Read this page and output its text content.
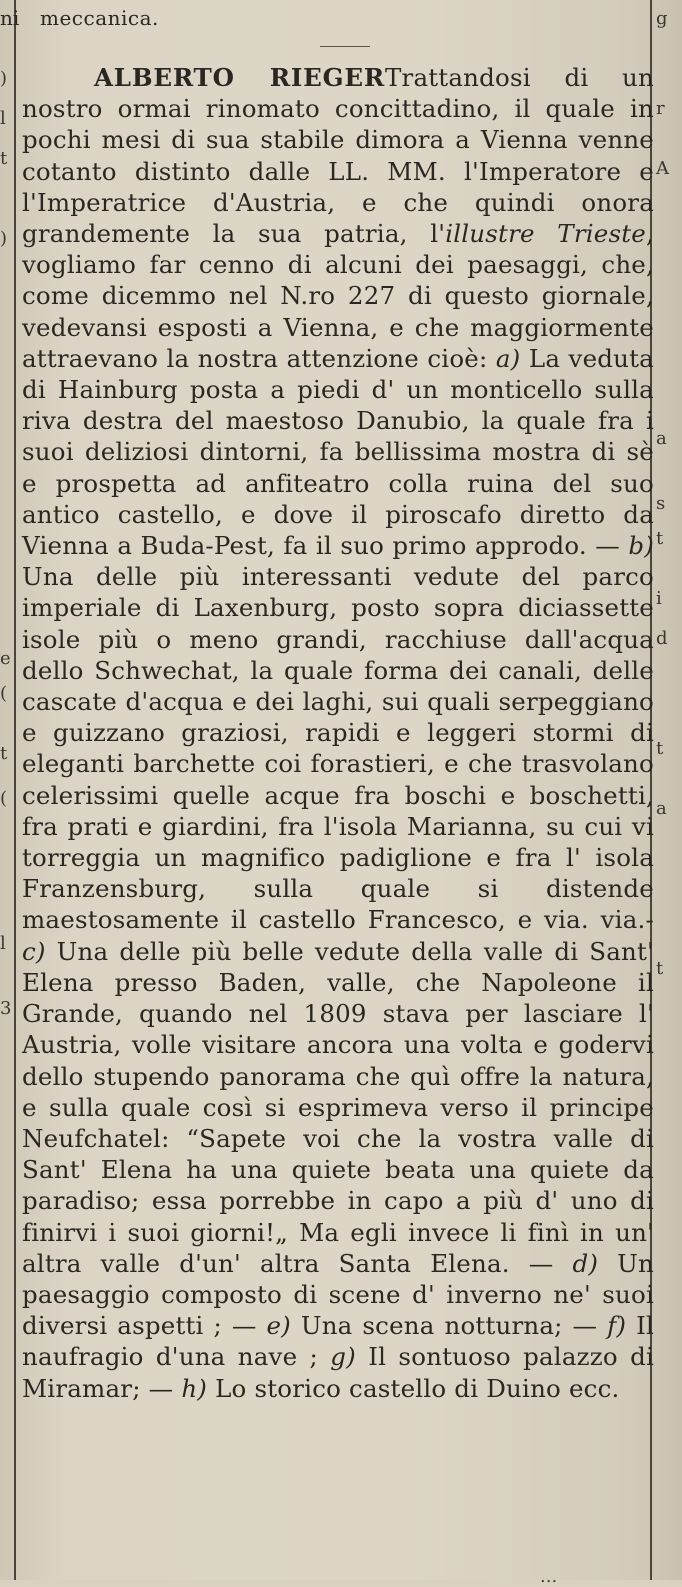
)
l
t
)
e
(
t
(
l
3
g
r
A
a
s
t
i
d
t
a
t
ni meccanica.

ALBERTO RIEGERTrattandosi di un nostro ormai rinomato concittadino, il quale in pochi mesi di sua stabile dimora a Vienna venne cotanto distinto dalle LL. MM. l'Imperatore e l'Imperatrice d'Austria, e che quindi onora grandemente la sua patria, l'illustre Trieste, vogliamo far cenno di alcuni dei paesaggi, che, come dicemmo nel N.ro 227 di questo giornale, vedevansi esposti a Vienna, e che maggiormente attraevano la nostra attenzione cioè: a) La veduta di Hainburg posta a piedi d' un monticello sulla riva destra del maestoso Danubio, la quale fra i suoi deliziosi dintorni, fa bellissima mostra di sè e prospetta ad anfiteatro colla ruina del suo antico castello, e dove il piroscafo diretto da Vienna a Buda-Pest, fa il suo primo approdo. — b) Una delle più interessanti vedute del parco imperiale di Laxenburg, posto sopra diciassette isole più o meno grandi, racchiuse dall'acqua dello Schwechat, la quale forma dei canali, delle cascate d'acqua e dei laghi, sui quali serpeggiano e guizzano graziosi, rapidi e leggeri stormi di eleganti barchette coi forastieri, e che trasvolano celerissimi quelle acque fra boschi e boschetti, fra prati e giardini, fra l'isola Marianna, su cui vi torreggia un magnifico padiglione e fra l' isola Franzensburg, sulla quale si distende maestosamente il castello Francesco, e via. via.- c) Una delle più belle vedute della valle di Sant' Elena presso Baden, valle, che Napoleone il Grande, quando nel 1809 stava per lasciare l' Austria, volle visitare ancora una volta e godervi dello stupendo panorama che quì offre la natura, e sulla quale così si esprimeva verso il principe Neufchatel: “Sapete voi che la vostra valle di Sant' Elena ha una quiete beata una quiete da paradiso; essa porrebbe in capo a più d' uno di finirvi i suoi giorni!„ Ma egli invece li finì in un' altra valle d'un' altra Santa Elena. — d) Un paesaggio composto di scene d' inverno ne' suoi diversi aspetti ; — e) Una scena notturna; — f) Il naufragio d'una nave ; g) Il sontuoso palazzo di Miramar; — h) Lo storico castello di Duino ecc.

...
